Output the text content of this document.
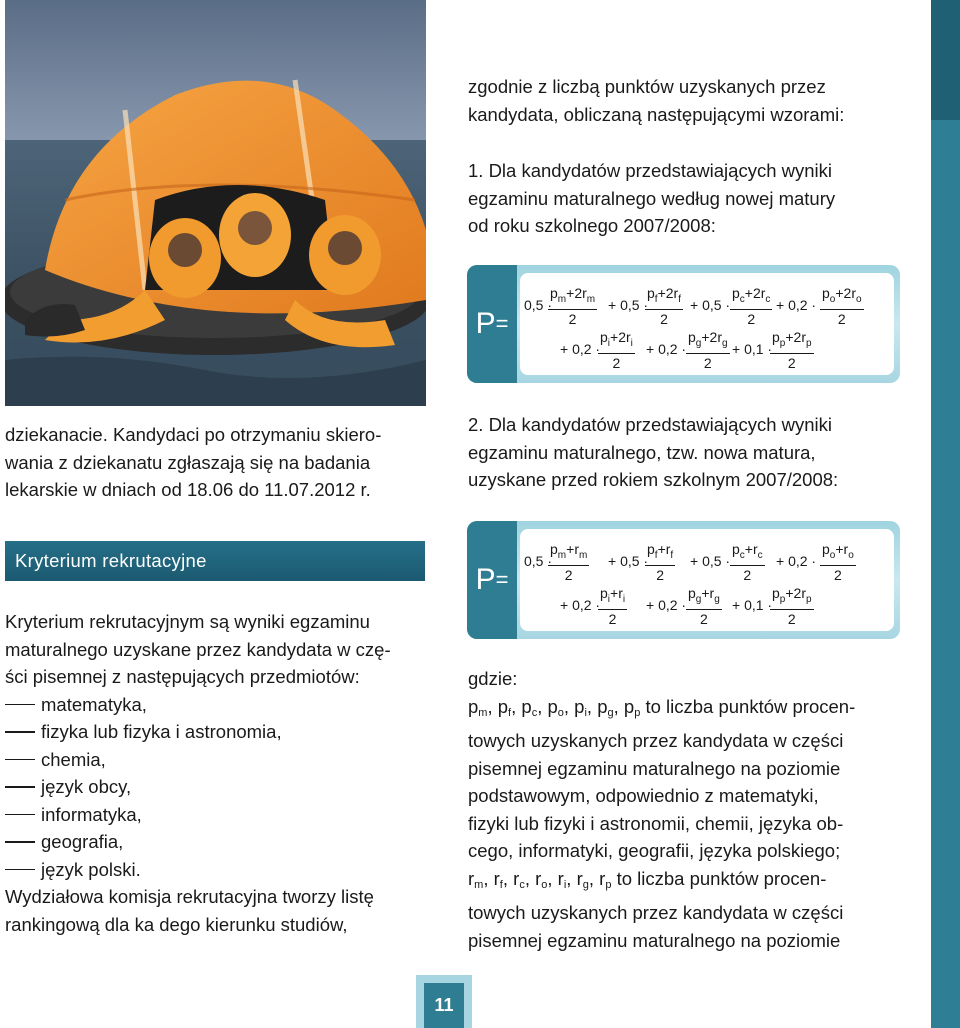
dziekanacie. Kandydaci po otrzymaniu skiero-

wania z dziekanatu zgłaszają się na badania

lekarskie w dniach od 18.06 do 11.07.2012 r.

Kryterium rekrutacyjne

Kryterium rekrutacyjnym są wyniki egzaminu

maturalnego uzyskane przez kandydata w czę-

ści pisemnej z następujących przedmiotów:

matematyka,

fizyka lub fizyka i astronomia,

chemia,

język obcy,

informatyka,

geografia,

język polski.

Wydziałowa komisja rekrutacyjna tworzy listę

rankingową dla ka dego kierunku studiów,

zgodnie z liczbą punktów uzyskanych przez

kandydata, obliczaną następującymi wzorami:

1. Dla kandydatów przedstawiających wyniki

egzaminu maturalnego według nowej matury

od roku szkolnego 2007/2008:

$P_=$
0,5 ·
$\frac{p_m+2r_m}{2} + 0,5$ ·
$\frac{p_f+2r_f}{2} + 0,5 \cdot \frac{p_c+2r_c}{2} + 0,2 \cdot \frac{p_o+2r_o}{2}$
+ 0,2 ·
$\frac{p_i+2r_i}{2} + 0,2 \cdot \frac{p_g+2r_g}{2} + 0,1$ ·
$\frac{p_p+2r_p}{2}$

2. Dla kandydatów przedstawiających wyniki

egzaminu maturalnego, tzw. nowa matura,

uzyskane przed rokiem szkolnym 2007/2008:

$P_=$
0,5 ·
$\frac{p_m+r_m}{2} + 0,5$ ·
$\frac{p_f+r_f}{2} + 0,5 \cdot \frac{p_c+r_c}{2} + 0,2 \cdot \frac{p_o+r_o}{2}$
+ 0,2 ·
$\frac{p_i+r_i}{2} + 0,2 \cdot \frac{p_g+r_g}{2} + 0,1$ ·
$\frac{p_p+2r_p}{2}$

gdzie:

$p_m$, $p_f$, $p_c$, $p_o$, $p_i$, $p_g$, $p_p$ to liczba punktów procen-

towych uzyskanych przez kandydata w części

pisemnej egzaminu maturalnego na poziomie

podstawowym, odpowiednio z matematyki,

fizyki lub fizyki i astronomii, chemii, języka ob-

cego, informatyki, geografii, języka polskiego;

$r_m$, $r_f$, $r_c$, $r_o$, $r_i$, $r_g$, $r_p$ to liczba punktów procen-

towych uzyskanych przez kandydata w części

pisemnej egzaminu maturalnego na poziomie

11
